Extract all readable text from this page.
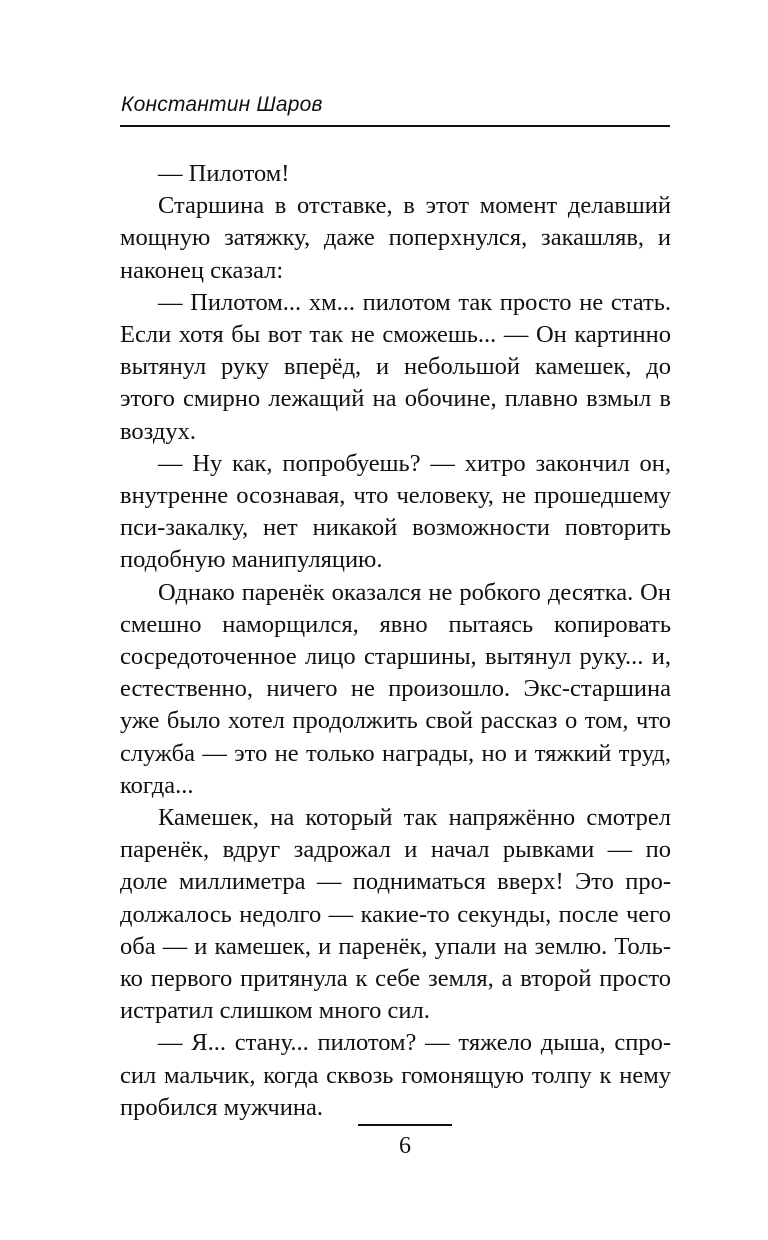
Константин Шаров

— Пилотом!

Старшина в отставке, в этот момент делавший мощную затяжку, даже поперхнулся, закашляв, и наконец сказал:

— Пилотом... хм... пилотом так просто не стать. Если хотя бы вот так не сможешь... — Он картинно вытянул руку вперёд, и небольшой камешек, до этого смирно лежащий на обочине, плавно взмыл в воздух.

— Ну как, попробуешь? — хитро закончил он, внутренне осознавая, что человеку, не прошедшему пси-закалку, нет никакой возможности повторить подобную манипуляцию.

Однако паренёк оказался не робкого десятка. Он смешно наморщился, явно пытаясь копировать сосредоточенное лицо старшины, вытянул руку... и, естественно, ничего не произошло. Экс-старшина уже было хотел продолжить свой рассказ о том, что служба — это не только награды, но и тяжкий труд, когда...

Камешек, на который так напряжённо смотрел паренёк, вдруг задрожал и начал рывками — по доле миллиметра — подниматься вверх! Это продолжалось недолго — какие-то секунды, после чего оба — и камешек, и паренёк, упали на землю. Только первого притянула к себе земля, а второй просто истратил слишком много сил.

— Я... стану... пилотом? — тяжело дыша, спросил мальчик, когда сквозь гомонящую толпу к нему пробился мужчина.

6
